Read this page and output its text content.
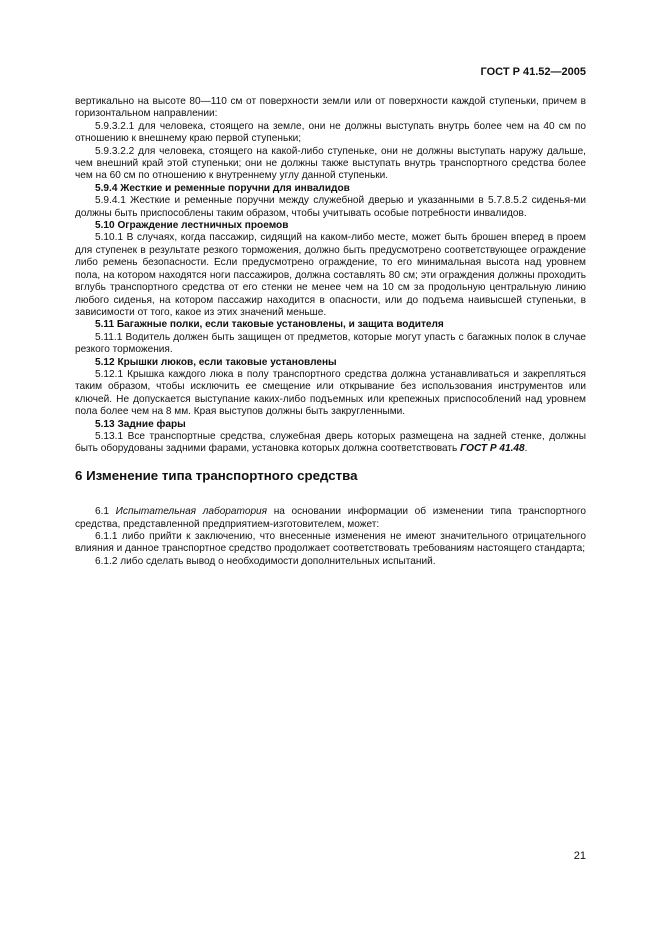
ГОСТ Р 41.52—2005

вертикально на высоте 80—110 см от поверхности земли или от поверхности каждой ступеньки, причем в горизонтальном направлении:

5.9.3.2.1 для человека, стоящего на земле, они не должны выступать внутрь более чем на 40 см по отношению к внешнему краю первой ступеньки;

5.9.3.2.2 для человека, стоящего на какой-либо ступеньке, они не должны выступать наружу дальше, чем внешний край этой ступеньки; они не должны также выступать внутрь транспортного средства более чем на 60 см по отношению к внутреннему углу данной ступеньки.

5.9.4 Жесткие и ременные поручни для инвалидов

5.9.4.1 Жесткие и ременные поручни между служебной дверью и указанными в 5.7.8.5.2 сиденья-ми должны быть приспособлены таким образом, чтобы учитывать особые потребности инвалидов.

5.10 Ограждение лестничных проемов

5.10.1 В случаях, когда пассажир, сидящий на каком-либо месте, может быть брошен вперед в проем для ступенек в результате резкого торможения, должно быть предусмотрено соответствующее ограждение либо ремень безопасности. Если предусмотрено ограждение, то его минимальная высота над уровнем пола, на котором находятся ноги пассажиров, должна составлять 80 см; эти ограждения должны проходить вглубь транспортного средства от его стенки не менее чем на 10 см за продольную центральную линию любого сиденья, на котором пассажир находится в опасности, или до подъема наивысшей ступеньки, в зависимости от того, какое из этих значений меньше.

5.11 Багажные полки, если таковые установлены, и защита водителя

5.11.1 Водитель должен быть защищен от предметов, которые могут упасть с багажных полок в случае резкого торможения.

5.12 Крышки люков, если таковые установлены

5.12.1 Крышка каждого люка в полу транспортного средства должна устанавливаться и закрепляться таким образом, чтобы исключить ее смещение или открывание без использования инструментов или ключей. Не допускается выступание каких-либо подъемных или крепежных приспособлений над уровнем пола более чем на 8 мм. Края выступов должны быть закругленными.

5.13 Задние фары

5.13.1 Все транспортные средства, служебная дверь которых размещена на задней стенке, должны быть оборудованы задними фарами, установка которых должна соответствовать ГОСТ Р 41.48.

6 Изменение типа транспортного средства

6.1 Испытательная лаборатория на основании информации об изменении типа транспортного средства, представленной предприятием-изготовителем, может:

6.1.1 либо прийти к заключению, что внесенные изменения не имеют значительного отрицательного влияния и данное транспортное средство продолжает соответствовать требованиям настоящего стандарта;

6.1.2 либо сделать вывод о необходимости дополнительных испытаний.

21
